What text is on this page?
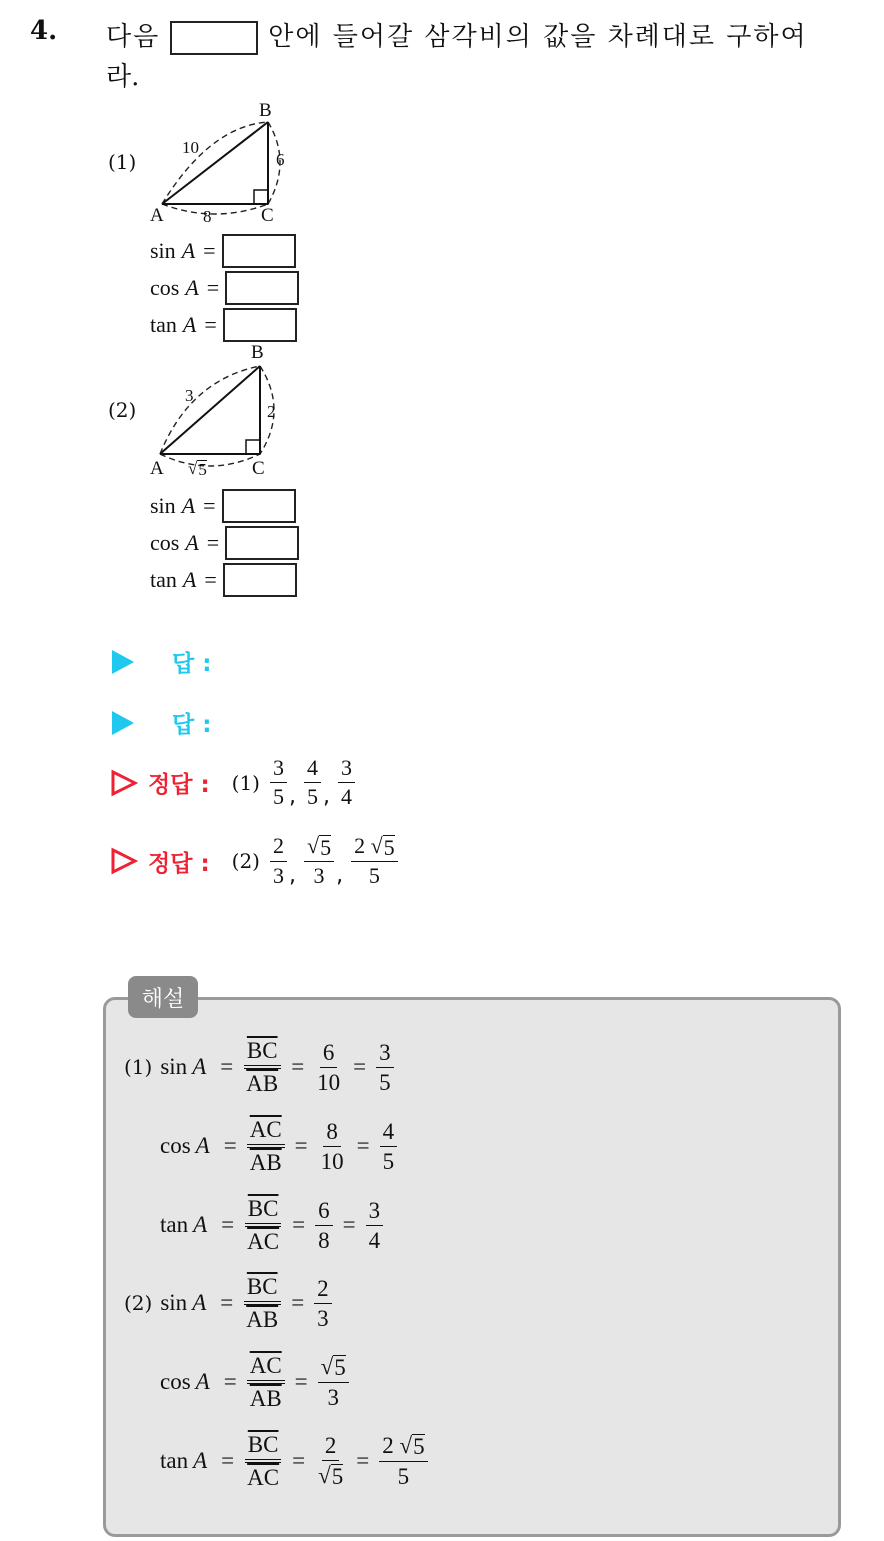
4. 다음	안에 들어갈 삼각비의 값을 차례대로 구하여
라.
(1)
A
B
C
10
6
8
sin A =
cos A =
tan A =
(2)
A
B
C
3
2
√ 5
sin A =
cos A =
tan A =
답 :
답 :
정답 : $(1) \frac{3}{5}$ , $\frac{4}{5}$ , $\frac{3}{4}$
정답 : $(2) \frac{2}{3}$ , $\frac{√ 5}{3}$ , $\frac{2 √ 5}{5}$
해설
(1) $\sin A = \frac{\overline{BC}}{AB} = \frac{6}{10} = \frac{3}{5}$
$\cos A = \frac{\overline{AC}}{AB} = \frac{8}{10} = \frac{4}{5}$
$\tan A = \frac{\overline{BC}}{AC} = \frac{6}{8} = \frac{3}{4}$
(2) $\sin A = \frac{\overline{BC}}{AB} = \frac{2}{3}$
$\cos A = \frac{\overline{AC}}{AB} = \frac{√ 5}{3}$
$\tan A = \frac{\overline{BC}}{AC} = \frac{2}{√ 5} = \frac{2 √ 5}{5}$
